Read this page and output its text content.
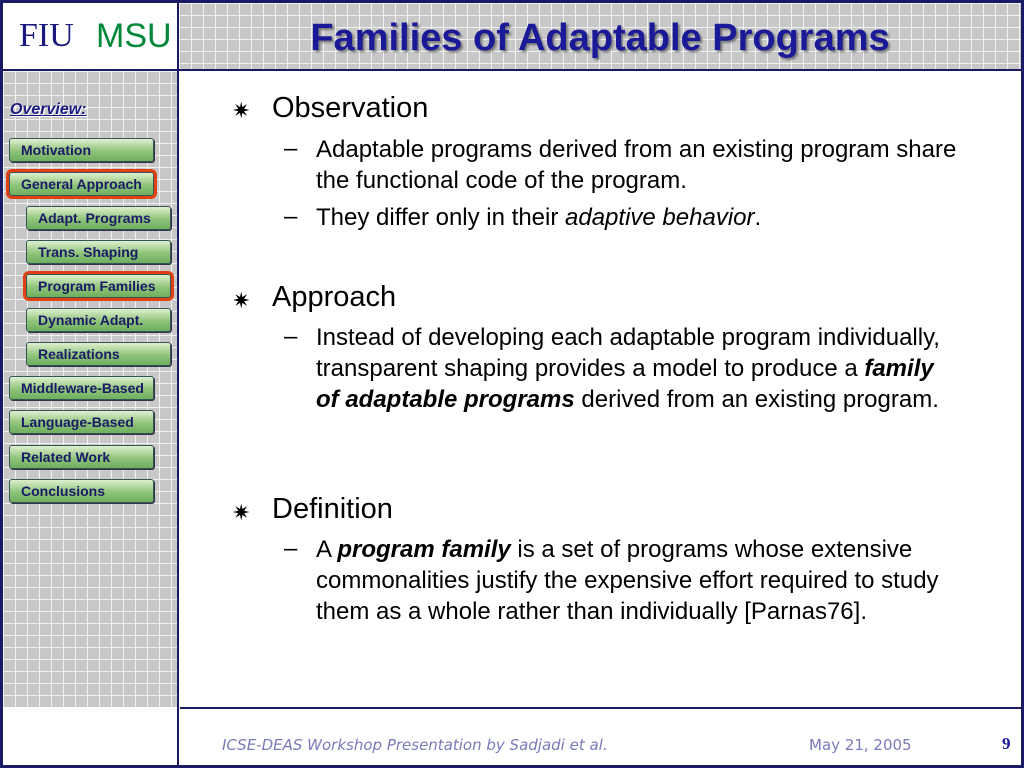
FIU MSU	Families of Adaptable Programs
Overview:
Motivation
General Approach
Adapt. Programs
Trans. Shaping
Program Families
Dynamic Adapt.
Realizations
Middleware-Based
Language-Based
Related Work
Conclusions
✷ Observation
– Adaptable programs derived from an existing program share the functional code of the program.
– They differ only in their adaptive behavior.
✷ Approach
– Instead of developing each adaptable program individually, transparent shaping provides a model to produce a family of adaptable programs derived from an existing program.
✷ Definition
– A program family is a set of programs whose extensive commonalities justify the expensive effort required to study them as a whole rather than individually [Parnas76].
ICSE-DEAS Workshop Presentation by Sadjadi et al.	May 21, 2005	9
